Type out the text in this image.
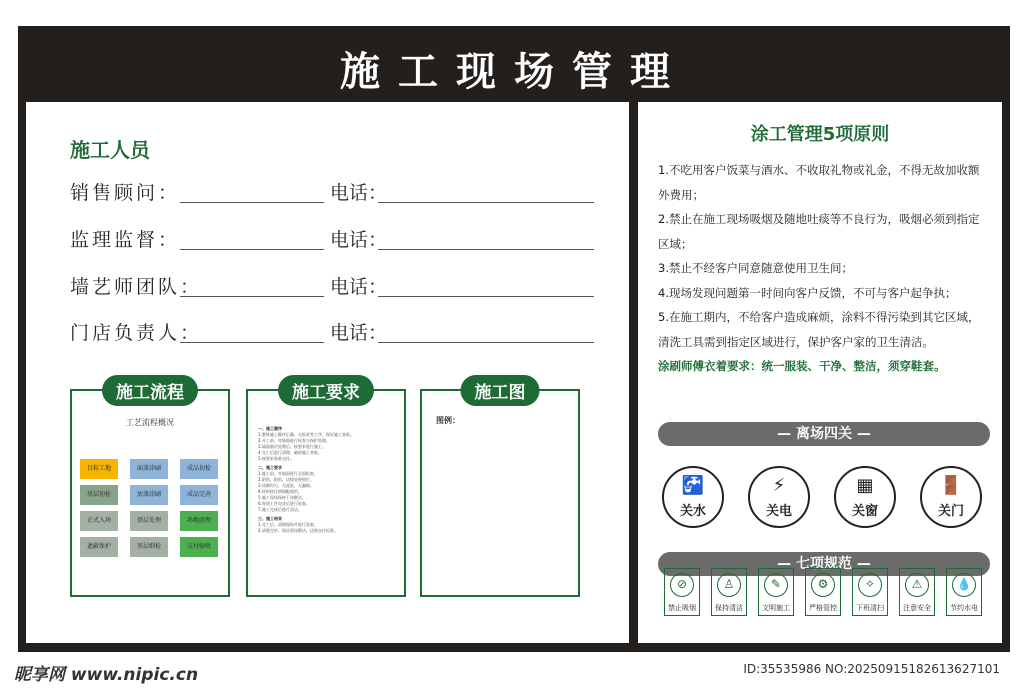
施工现场管理
施工人员
销售顾问：	电话：
监理监督：	电话：
墙艺师团队：	电话：
门店负责人：	电话：
施工流程
工艺流程概况
目标工地
基层初检
正式入场
遮蔽保护
面漆涂刷
底漆涂刷
基层处理
基层细检
成品初检
成品完善
场地清理
交付验收
施工要求
一、施工顺序
1.整体施工顺序正确，无拆改等工序，保证施工效果。
2.开工前，对墙面进行检查与保护处理。
3.墙面基层处理后，按要求进行施工。
4.完工后进行清理，确保施工效果。
5.按要求验收交付。
二、施工要求
1.施工前，对墙面进行全面检查。
2.阴角、阳角、边线处理到位。
3.涂刷均匀，无流坠、无漏刷。
4.材料按比例调配使用。
5.施工现场保持干净整洁。
6.每道工序完成后进行检查。
7.施工完成后进行清洁。
三、施工结束
1.完工后，清理现场并进行验收。
2.清理完毕，保证现场整洁，达到交付标准。
施工图
图例：
涂工管理5项原则
1.不吃用客户饭菜与酒水、不收取礼物或礼金，不得无故加收额外费用；
2.禁止在施工现场吸烟及随地吐痰等不良行为，吸烟必须到指定区域；
3.禁止不经客户同意随意使用卫生间；
4.现场发现问题第一时间向客户反馈，不可与客户起争执；
5.在施工期内，不给客户造成麻烦，涂料不得污染到其它区域，清洗工具需到指定区域进行，保护客户家的卫生清洁。
涂刷师傅衣着要求：统一服装、干净、整洁，须穿鞋套。
— 离场四关 —
🚰
关水
⚡
关电
▦
关窗
🚪
关门
— 七项规范 —
⊘
禁止吸烟
♙
保持清洁
✎
文明施工
⚙
严格管控
✧
下班清扫
⚠
注意安全
💧
节约水电
昵享网 www.nipic.cn	ID:35535986 NO:20250915182613627101
